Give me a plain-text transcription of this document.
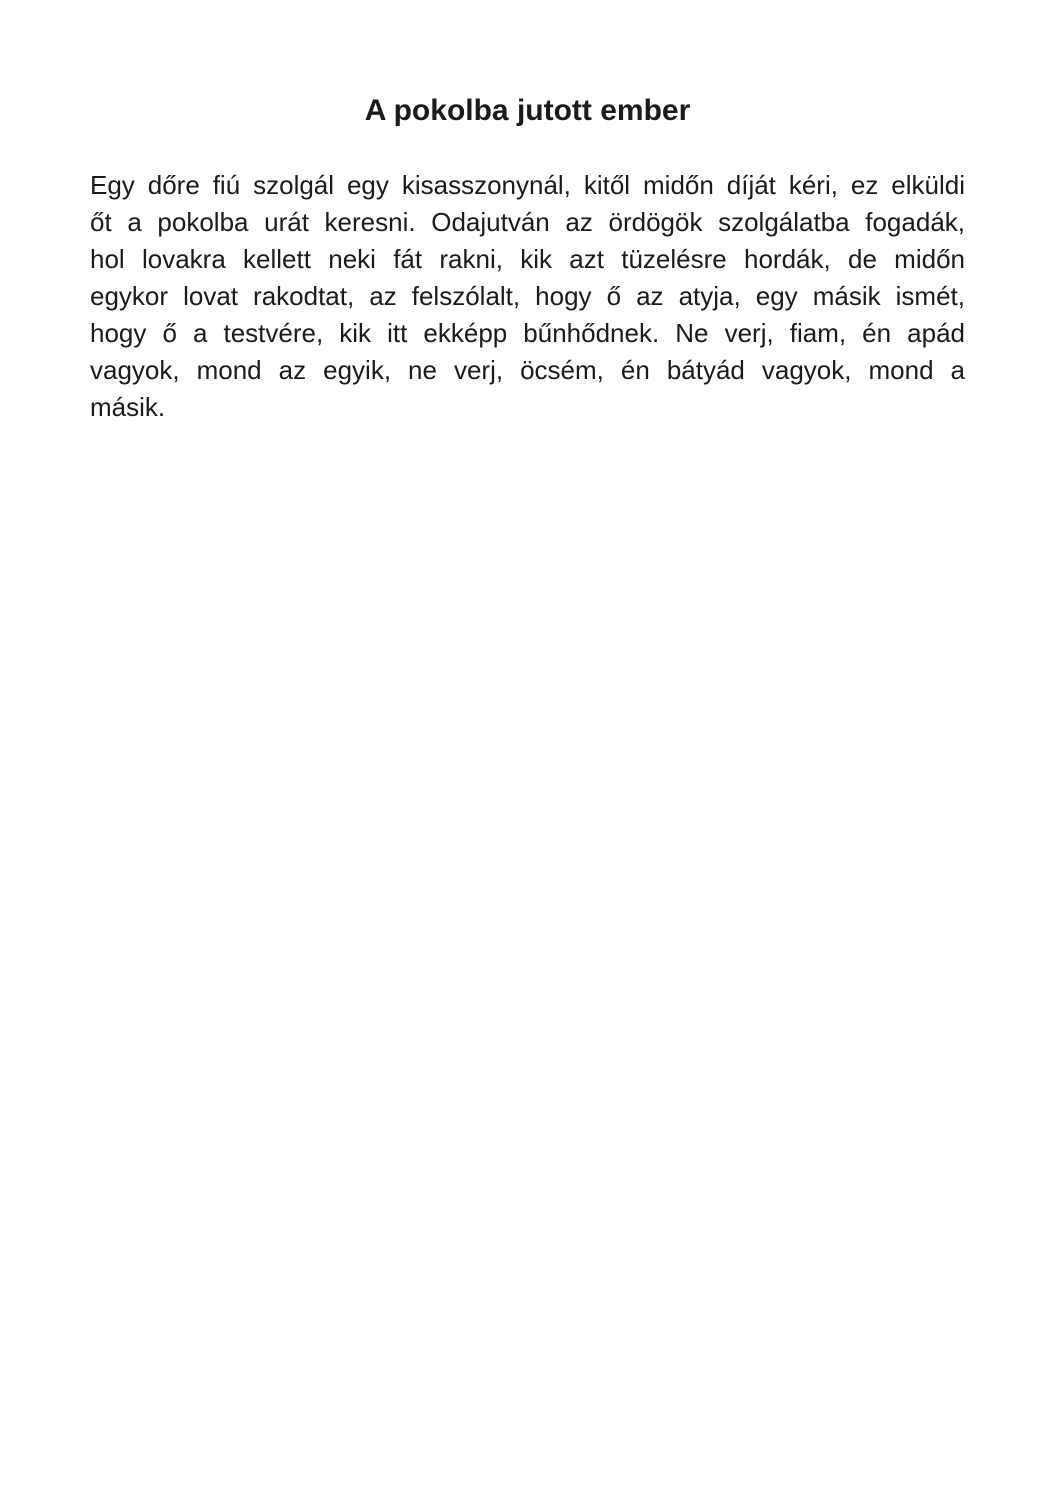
A pokolba jutott ember
Egy dőre fiú szolgál egy kisasszonynál, kitől midőn díját kéri, ez elküldi
őt a pokolba urát keresni. Odajutván az ördögök szolgálatba fogadák,
hol lovakra kellett neki fát rakni, kik azt tüzelésre hordák, de midőn
egykor lovat rakodtat, az felszólalt, hogy ő az atyja, egy másik ismét,
hogy ő a testvére, kik itt ekképp bűnhődnek. Ne verj, fiam, én apád
vagyok, mond az egyik, ne verj, öcsém, én bátyád vagyok, mond a
másik.
